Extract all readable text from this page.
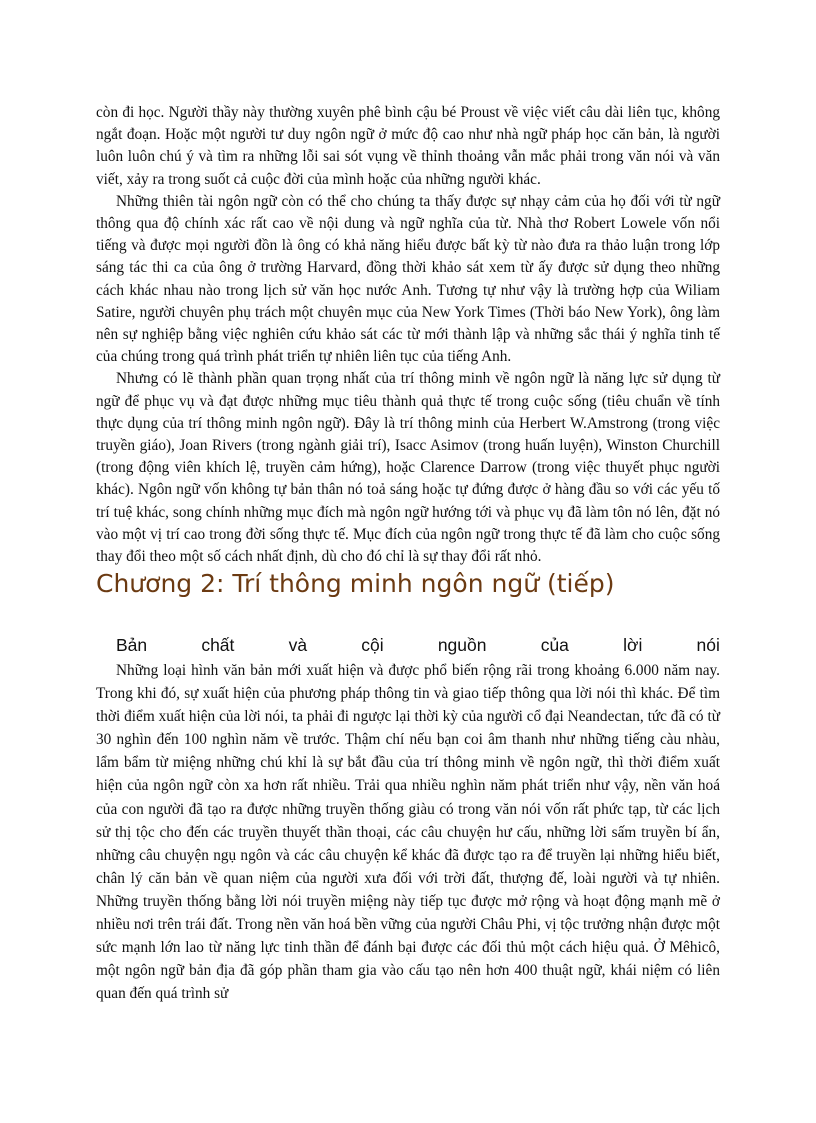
còn đi học. Người thầy này thường xuyên phê bình cậu bé Proust về việc viết câu dài liên tục, không ngắt đoạn. Hoặc một người tư duy ngôn ngữ ở mức độ cao như nhà ngữ pháp học căn bản, là người luôn luôn chú ý và tìm ra những lỗi sai sót vụng về thỉnh thoảng vẫn mắc phải trong văn nói và văn viết, xảy ra trong suốt cả cuộc đời của mình hoặc của những người khác.

Những thiên tài ngôn ngữ còn có thể cho chúng ta thấy được sự nhạy cảm của họ đối với từ ngữ thông qua độ chính xác rất cao về nội dung và ngữ nghĩa của từ. Nhà thơ Robert Lowele vốn nổi tiếng và được mọi người đồn là ông có khả năng hiểu được bất kỳ từ nào đưa ra thảo luận trong lớp sáng tác thi ca của ông ở trường Harvard, đồng thời khảo sát xem từ ấy được sử dụng theo những cách khác nhau nào trong lịch sử văn học nước Anh. Tương tự như vậy là trường hợp của Wiliam Satire, người chuyên phụ trách một chuyên mục của New York Times (Thời báo New York), ông làm nên sự nghiệp bằng việc nghiên cứu khảo sát các từ mới thành lập và những sắc thái ý nghĩa tinh tế của chúng trong quá trình phát triển tự nhiên liên tục của tiếng Anh.

Nhưng có lẽ thành phần quan trọng nhất của trí thông minh về ngôn ngữ là năng lực sử dụng từ ngữ để phục vụ và đạt được những mục tiêu thành quả thực tế trong cuộc sống (tiêu chuẩn về tính thực dụng của trí thông minh ngôn ngữ). Đây là trí thông minh của Herbert W.Amstrong (trong việc truyền giáo), Joan Rivers (trong ngành giải trí), Isacc Asimov (trong huấn luyện), Winston Churchill (trong động viên khích lệ, truyền cảm hứng), hoặc Clarence Darrow (trong việc thuyết phục người khác). Ngôn ngữ vốn không tự bản thân nó toả sáng hoặc tự đứng được ở hàng đầu so với các yếu tố trí tuệ khác, song chính những mục đích mà ngôn ngữ hướng tới và phục vụ đã làm tôn nó lên, đặt nó vào một vị trí cao trong đời sống thực tế. Mục đích của ngôn ngữ trong thực tế đã làm cho cuộc sống thay đổi theo một số cách nhất định, dù cho đó chỉ là sự thay đổi rất nhỏ.

Chương 2: Trí thông minh ngôn ngữ (tiếp)
Bản	chất	và	cội	nguồn	của	lời	nói

Những loại hình văn bản mới xuất hiện và được phổ biến rộng rãi trong khoảng 6.000 năm nay. Trong khi đó, sự xuất hiện của phương pháp thông tin và giao tiếp thông qua lời nói thì khác. Để tìm thời điểm xuất hiện của lời nói, ta phải đi ngược lại thời kỳ của người cổ đại Neandectan, tức đã có từ 30 nghìn đến 100 nghìn năm về trước. Thậm chí nếu bạn coi âm thanh như những tiếng càu nhàu, lẩm bẩm từ miệng những chú khỉ là sự bắt đầu của trí thông minh về ngôn ngữ, thì thời điểm xuất hiện của ngôn ngữ còn xa hơn rất nhiều. Trải qua nhiều nghìn năm phát triển như vậy, nền văn hoá của con người đã tạo ra được những truyền thống giàu có trong văn nói vốn rất phức tạp, từ các lịch sử thị tộc cho đến các truyền thuyết thần thoại, các câu chuyện hư cấu, những lời sấm truyền bí ẩn, những câu chuyện ngụ ngôn và các câu chuyện kể khác đã được tạo ra để truyền lại những hiểu biết, chân lý căn bản về quan niệm của người xưa đối với trời đất, thượng đế, loài người và tự nhiên. Những truyền thống bằng lời nói truyền miệng này tiếp tục được mở rộng và hoạt động mạnh mẽ ở nhiều nơi trên trái đất. Trong nền văn hoá bền vững của người Châu Phi, vị tộc trưởng nhận được một sức mạnh lớn lao từ năng lực tinh thần để đánh bại được các đối thủ một cách hiệu quả. Ở Mêhicô, một ngôn ngữ bản địa đã góp phần tham gia vào cấu tạo nên hơn 400 thuật ngữ, khái niệm có liên quan đến quá trình sử
